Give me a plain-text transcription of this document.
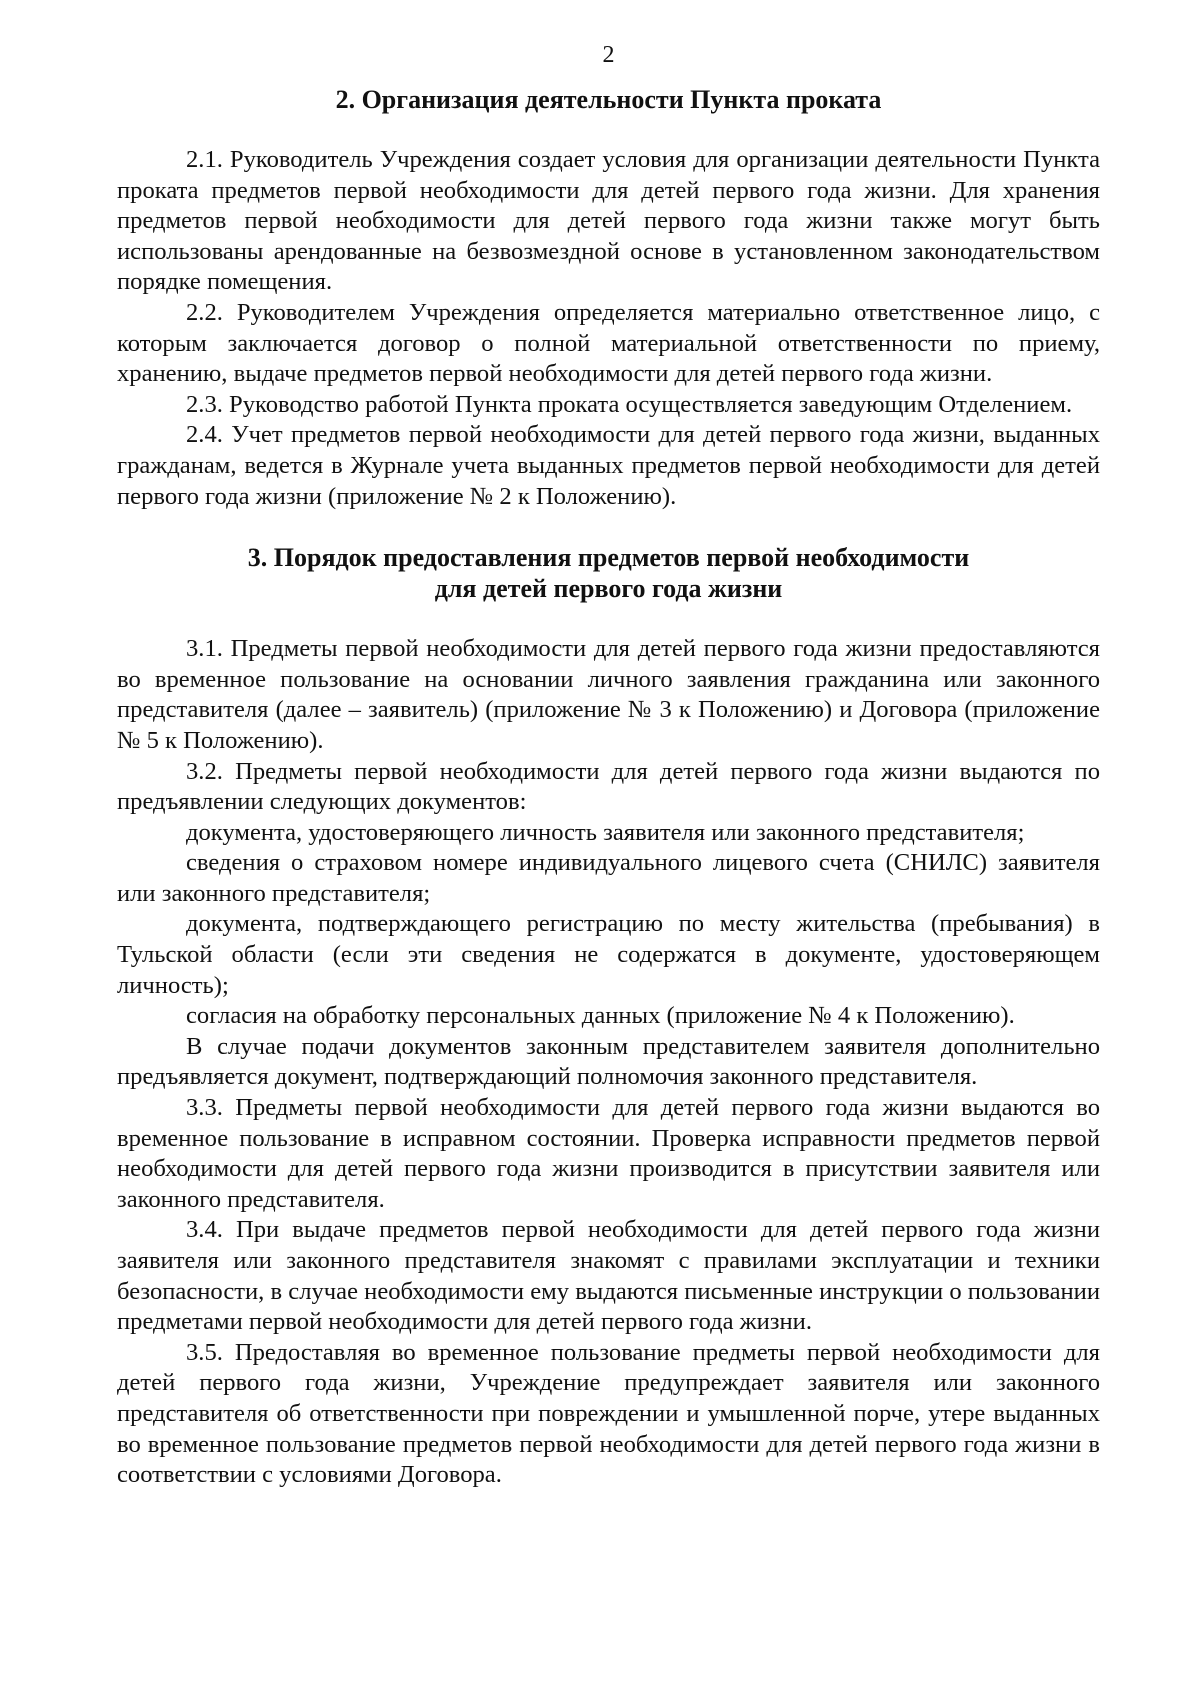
2
2. Организация деятельности Пункта проката

2.1. Руководитель Учреждения создает условия для организации деятельности Пункта проката предметов первой необходимости для детей первого года жизни. Для хранения предметов первой необходимости для детей первого года жизни также могут быть использованы арендованные на безвозмездной основе в установленном законодательством порядке помещения.

2.2. Руководителем Учреждения определяется материально ответственное лицо, с которым заключается договор о полной материальной ответственности по приему, хранению, выдаче предметов первой необходимости для детей первого года жизни.

2.3. Руководство работой Пункта проката осуществляется заведующим Отделением.

2.4. Учет предметов первой необходимости для детей первого года жизни, выданных гражданам, ведется в Журнале учета выданных предметов первой необходимости для детей первого года жизни (приложение № 2 к Положению).

3. Порядок предоставления предметов первой необходимости
для детей первого года жизни

3.1. Предметы первой необходимости для детей первого года жизни предоставляются во временное пользование на основании личного заявления гражданина или законного представителя (далее – заявитель) (приложение № 3 к Положению) и Договора (приложение № 5 к Положению).

3.2. Предметы первой необходимости для детей первого года жизни выдаются по предъявлении следующих документов:

документа, удостоверяющего личность заявителя или законного представителя;

сведения о страховом номере индивидуального лицевого счета (СНИЛС) заявителя или законного представителя;

документа, подтверждающего регистрацию по месту жительства (пребывания) в Тульской области (если эти сведения не содержатся в документе, удостоверяющем личность);

согласия на обработку персональных данных (приложение № 4 к Положению).

В случае подачи документов законным представителем заявителя дополнительно предъявляется документ, подтверждающий полномочия законного представителя.

3.3. Предметы первой необходимости для детей первого года жизни выдаются во временное пользование в исправном состоянии. Проверка исправности предметов первой необходимости для детей первого года жизни производится в присутствии заявителя или законного представителя.

3.4. При выдаче предметов первой необходимости для детей первого года жизни заявителя или законного представителя знакомят с правилами эксплуатации и техники безопасности, в случае необходимости ему выдаются письменные инструкции о пользовании предметами первой необходимости для детей первого года жизни.

3.5. Предоставляя во временное пользование предметы первой необходимости для детей первого года жизни, Учреждение предупреждает заявителя или законного представителя об ответственности при повреждении и умышленной порче, утере выданных во временное пользование предметов первой необходимости для детей первого года жизни в соответствии с условиями Договора.
